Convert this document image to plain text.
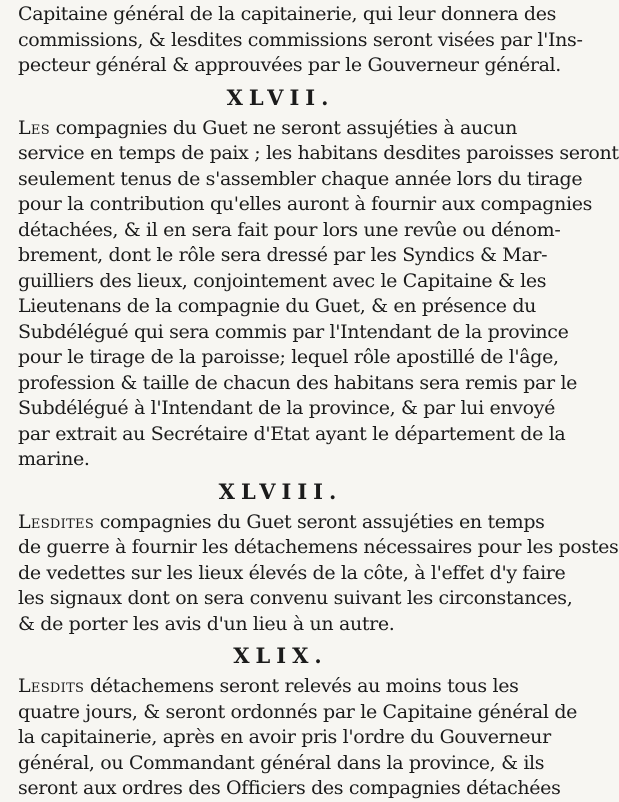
Capitaine général de la capitainerie, qui leur donnera des
commissions, & lesdites commissions seront visées par l'Ins-
pecteur général & approuvées par le Gouverneur général.
XLVII.
Les compagnies du Guet ne seront assujéties à aucun
service en temps de paix ; les habitans desdites paroisses seront
seulement tenus de s'assembler chaque année lors du tirage
pour la contribution qu'elles auront à fournir aux compagnies
détachées, & il en sera fait pour lors une revûe ou dénom-
brement, dont le rôle sera dressé par les Syndics & Mar-
guilliers des lieux, conjointement avec le Capitaine & les
Lieutenans de la compagnie du Guet, & en présence du
Subdélégué qui sera commis par l'Intendant de la province
pour le tirage de la paroisse; lequel rôle apostillé de l'âge,
profession & taille de chacun des habitans sera remis par le
Subdélégué à l'Intendant de la province, & par lui envoyé
par extrait au Secrétaire d'Etat ayant le département de la
marine.
XLVIII.
Lesdites compagnies du Guet seront assujéties en temps
de guerre à fournir les détachemens nécessaires pour les postes
de vedettes sur les lieux élevés de la côte, à l'effet d'y faire
les signaux dont on sera convenu suivant les circonstances,
& de porter les avis d'un lieu à un autre.
XLIX.
Lesdits détachemens seront relevés au moins tous les
quatre jours, & seront ordonnés par le Capitaine général de
la capitainerie, après en avoir pris l'ordre du Gouverneur
général, ou Commandant général dans la province, & ils
seront aux ordres des Officiers des compagnies détachées
